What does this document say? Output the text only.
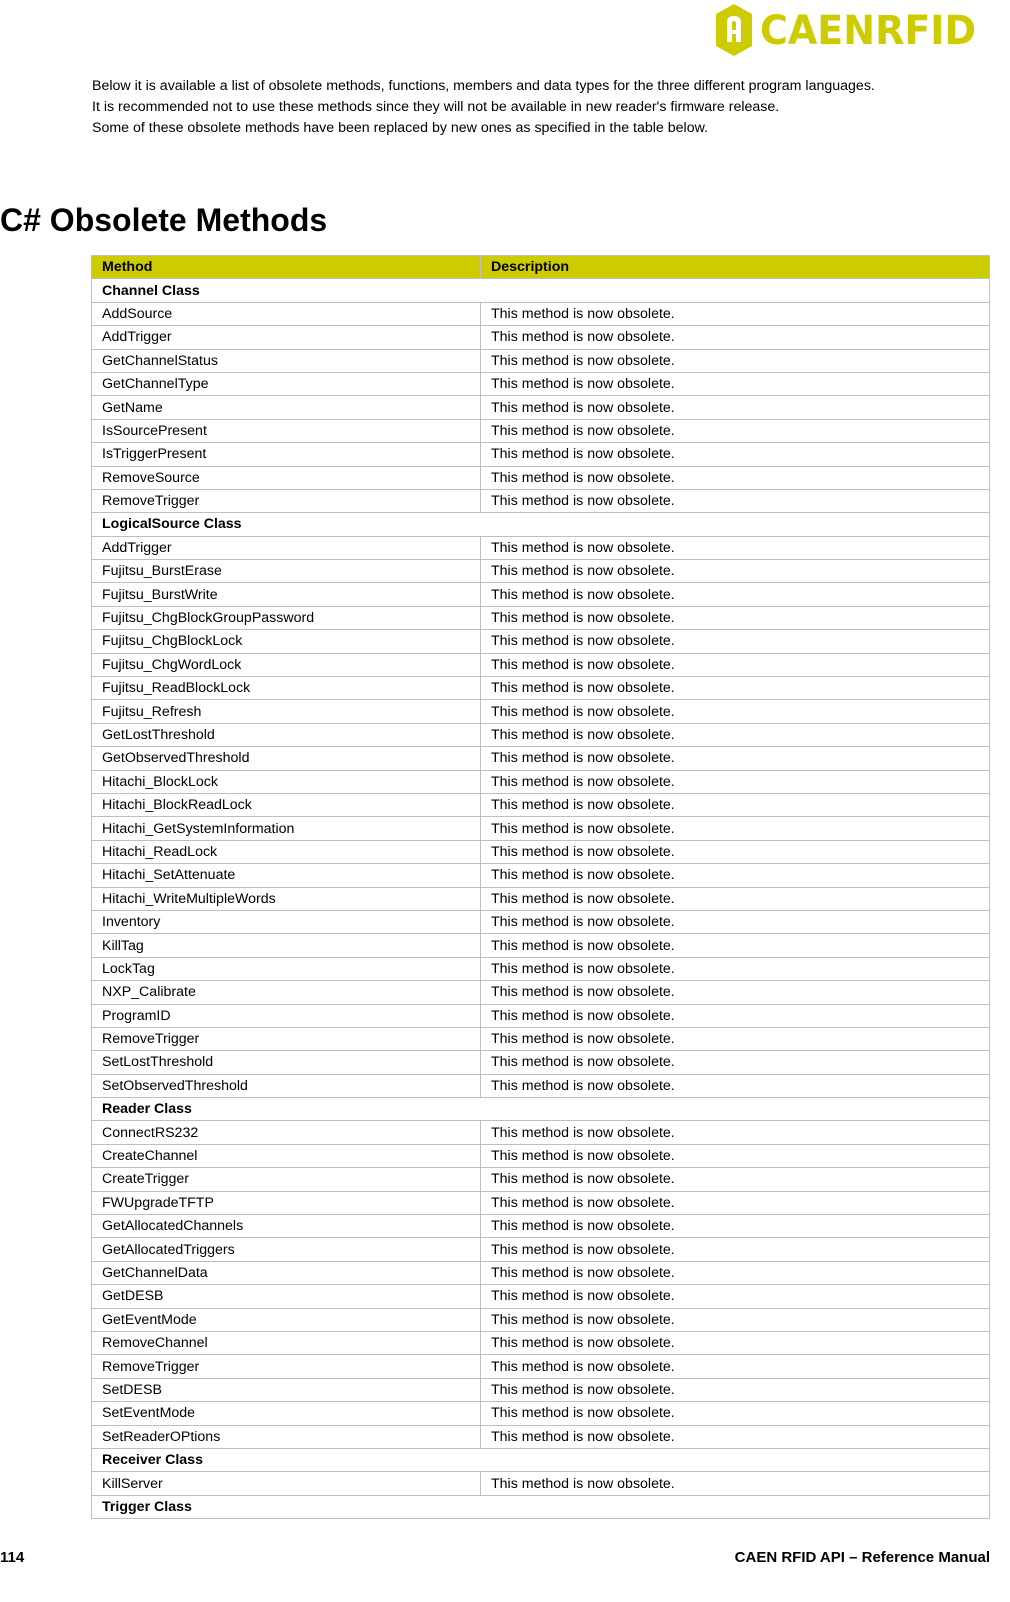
CAENRFID

Below it is available a list of obsolete methods, functions, members and data types for the three different program languages.

It is recommended not to use these methods since they will not be available in new reader's firmware release.

Some of these obsolete methods have been replaced by new ones as specified in the table below.

C# Obsolete Methods
Method	Description
Channel Class	
AddSource	This method is now obsolete.
AddTrigger	This method is now obsolete.
GetChannelStatus	This method is now obsolete.
GetChannelType	This method is now obsolete.
GetName	This method is now obsolete.
IsSourcePresent	This method is now obsolete.
IsTriggerPresent	This method is now obsolete.
RemoveSource	This method is now obsolete.
RemoveTrigger	This method is now obsolete.
LogicalSource Class	
AddTrigger	This method is now obsolete.
Fujitsu_BurstErase	This method is now obsolete.
Fujitsu_BurstWrite	This method is now obsolete.
Fujitsu_ChgBlockGroupPassword	This method is now obsolete.
Fujitsu_ChgBlockLock	This method is now obsolete.
Fujitsu_ChgWordLock	This method is now obsolete.
Fujitsu_ReadBlockLock	This method is now obsolete.
Fujitsu_Refresh	This method is now obsolete.
GetLostThreshold	This method is now obsolete.
GetObservedThreshold	This method is now obsolete.
Hitachi_BlockLock	This method is now obsolete.
Hitachi_BlockReadLock	This method is now obsolete.
Hitachi_GetSystemInformation	This method is now obsolete.
Hitachi_ReadLock	This method is now obsolete.
Hitachi_SetAttenuate	This method is now obsolete.
Hitachi_WriteMultipleWords	This method is now obsolete.
Inventory	This method is now obsolete.
KillTag	This method is now obsolete.
LockTag	This method is now obsolete.
NXP_Calibrate	This method is now obsolete.
ProgramID	This method is now obsolete.
RemoveTrigger	This method is now obsolete.
SetLostThreshold	This method is now obsolete.
SetObservedThreshold	This method is now obsolete.
Reader Class	
ConnectRS232	This method is now obsolete.
CreateChannel	This method is now obsolete.
CreateTrigger	This method is now obsolete.
FWUpgradeTFTP	This method is now obsolete.
GetAllocatedChannels	This method is now obsolete.
GetAllocatedTriggers	This method is now obsolete.
GetChannelData	This method is now obsolete.
GetDESB	This method is now obsolete.
GetEventMode	This method is now obsolete.
RemoveChannel	This method is now obsolete.
RemoveTrigger	This method is now obsolete.
SetDESB	This method is now obsolete.
SetEventMode	This method is now obsolete.
SetReaderOPtions	This method is now obsolete.
Receiver Class	
KillServer	This method is now obsolete.
Trigger Class	
114	CAEN RFID API – Reference Manual
